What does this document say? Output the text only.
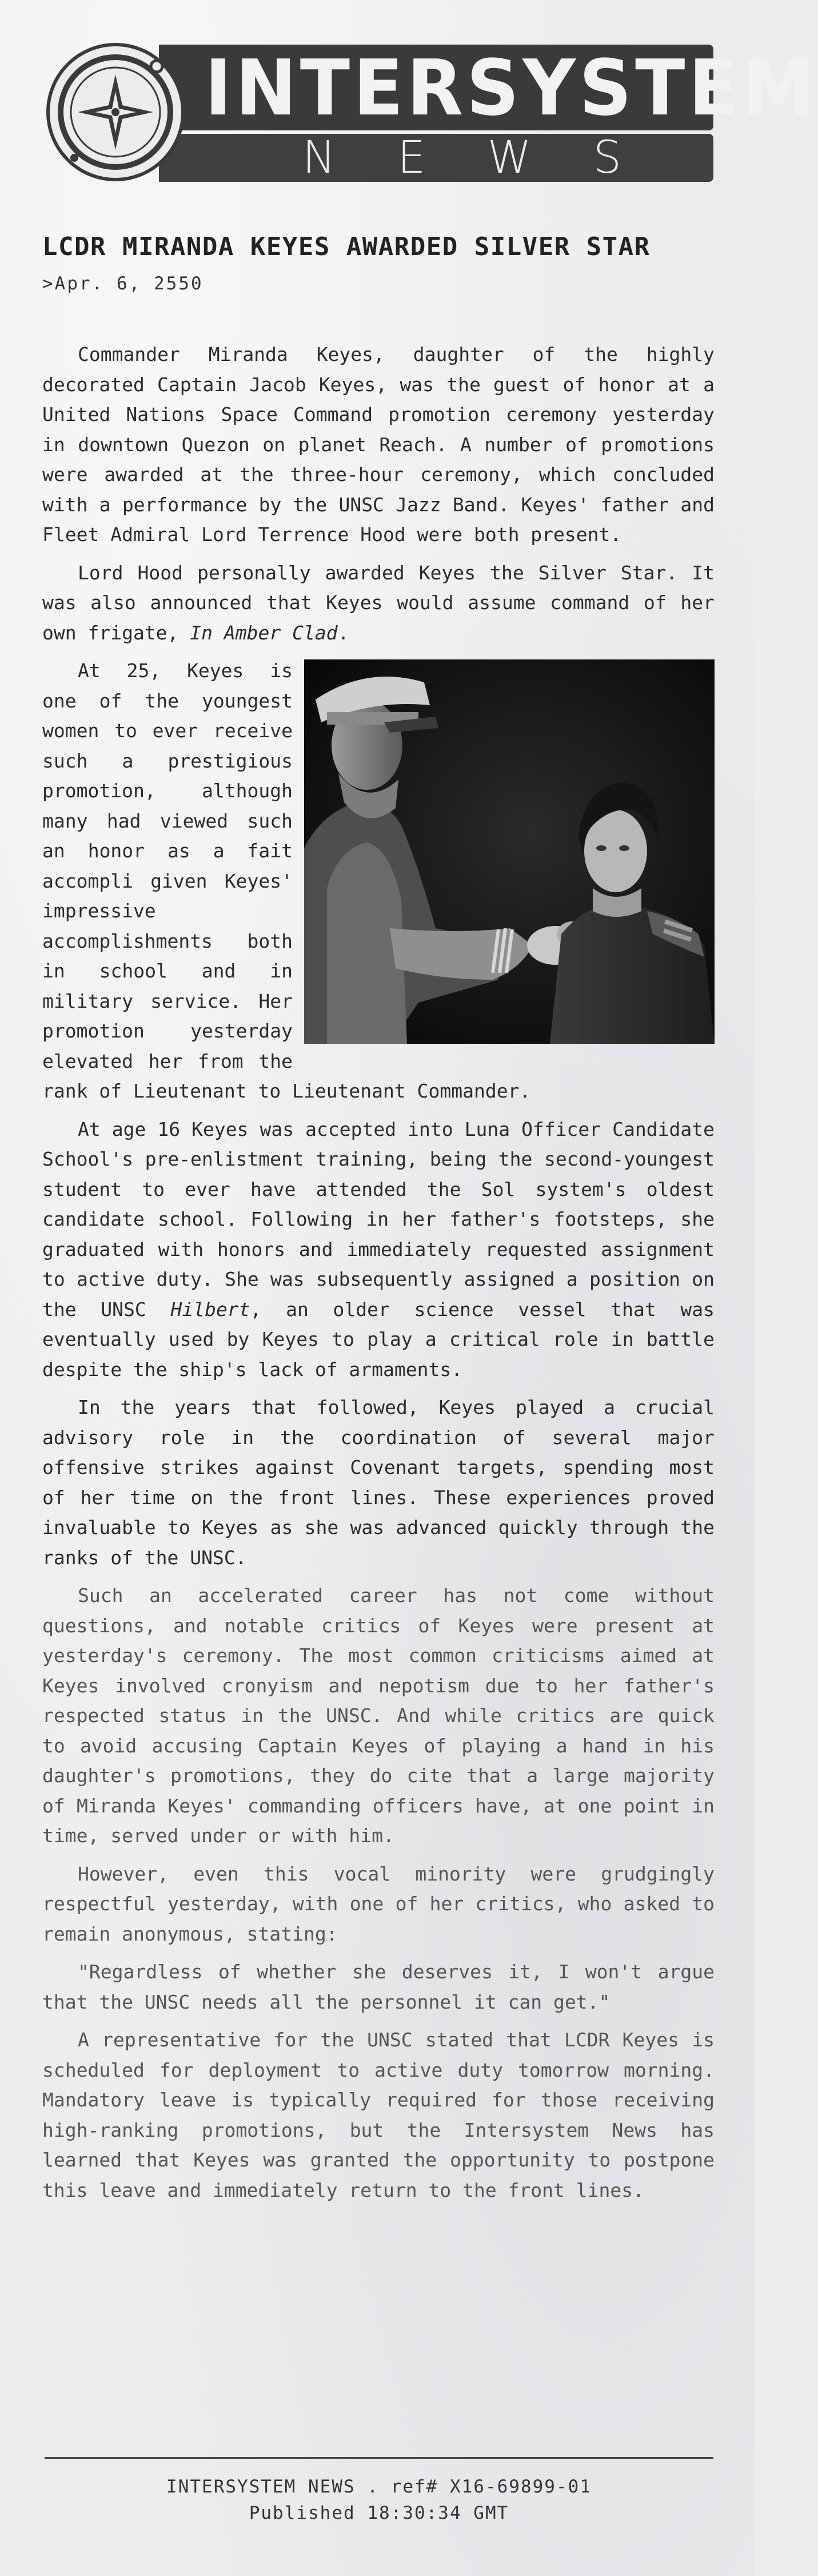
INTERSYSTEM
NEWS
LCDR MIRANDA KEYES AWARDED SILVER STAR
>Apr. 6, 2550

Commander Miranda Keyes, daughter of the highly decorated Captain Jacob Keyes, was the guest of honor at a United Nations Space Command promotion ceremony yesterday in downtown Quezon on planet Reach. A number of promotions were awarded at the three-hour ceremony, which concluded with a performance by the UNSC Jazz Band. Keyes' father and Fleet Admiral Lord Terrence Hood were both present.

Lord Hood personally awarded Keyes the Silver Star. It was also announced that Keyes would assume command of her own frigate, In Amber Clad.

At 25, Keyes is one of the youngest women to ever receive such a prestigious promotion, although many had viewed such an honor as a fait accompli given Keyes' impressive accomplishments both in school and in military service. Her promotion yesterday elevated her from the rank of Lieutenant to Lieutenant Commander.

At age 16 Keyes was accepted into Luna Officer Candidate School's pre-enlistment training, being the second-youngest student to ever have attended the Sol system's oldest candidate school. Following in her father's footsteps, she graduated with honors and immediately requested assignment to active duty. She was subsequently assigned a position on the UNSC Hilbert, an older science vessel that was eventually used by Keyes to play a critical role in battle despite the ship's lack of armaments.

In the years that followed, Keyes played a crucial advisory role in the coordination of several major offensive strikes against Covenant targets, spending most of her time on the front lines. These experiences proved invaluable to Keyes as she was advanced quickly through the ranks of the UNSC.

Such an accelerated career has not come without questions, and notable critics of Keyes were present at yesterday's ceremony. The most common criticisms aimed at Keyes involved cronyism and nepotism due to her father's respected status in the UNSC. And while critics are quick to avoid accusing Captain Keyes of playing a hand in his daughter's promotions, they do cite that a large majority of Miranda Keyes' commanding officers have, at one point in time, served under or with him.

However, even this vocal minority were grudgingly respectful yesterday, with one of her critics, who asked to remain anonymous, stating:

"Regardless of whether she deserves it, I won't argue that the UNSC needs all the personnel it can get."

A representative for the UNSC stated that LCDR Keyes is scheduled for deployment to active duty tomorrow morning. Mandatory leave is typically required for those receiving high-ranking promotions, but the Intersystem News has learned that Keyes was granted the opportunity to postpone this leave and immediately return to the front lines.

INTERSYSTEM NEWS . ref# X16-69899-01
Published 18:30:34 GMT
